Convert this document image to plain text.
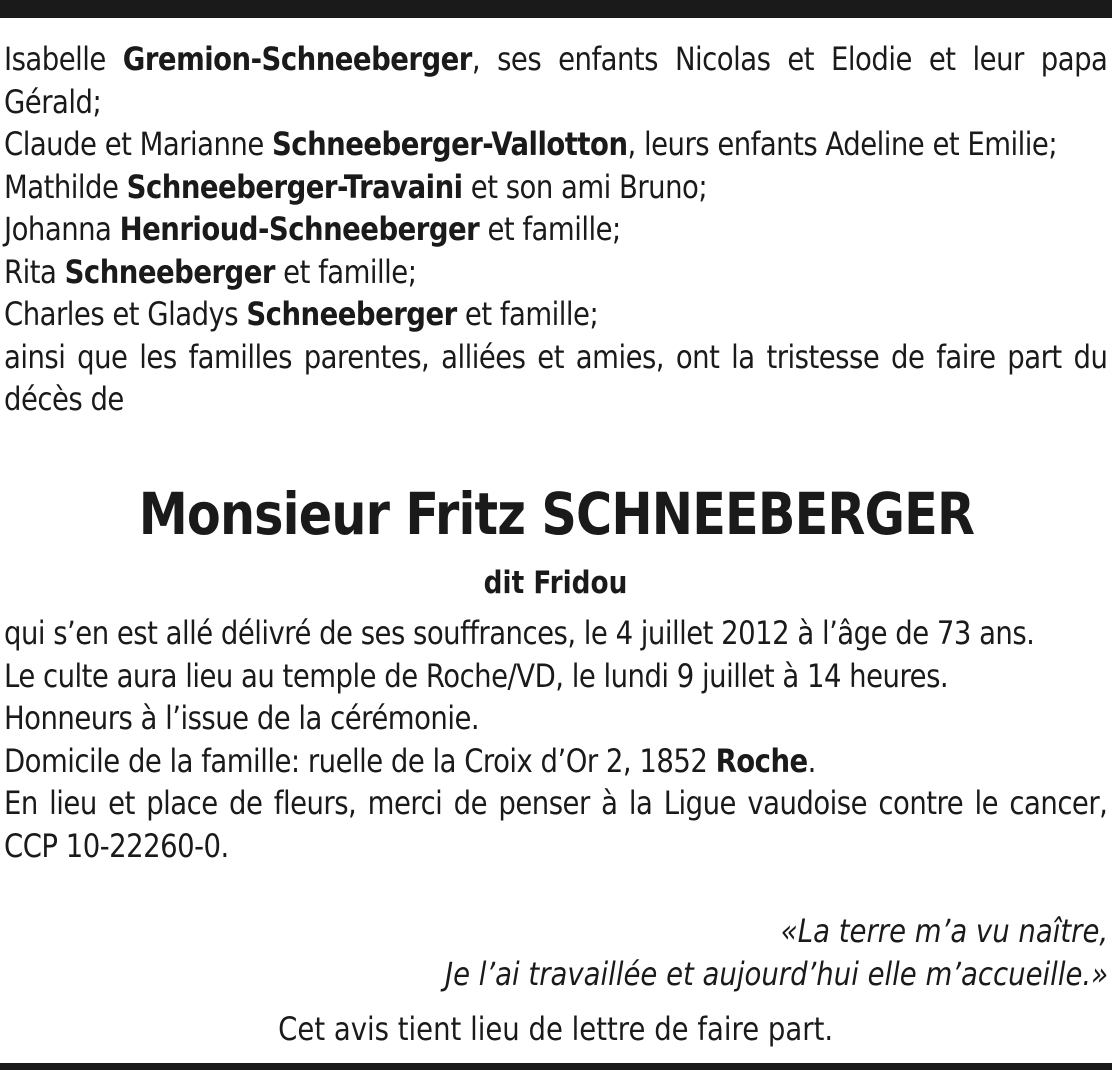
Isabelle Gremion-Schneeberger, ses enfants Nicolas et Elodie et leur papa Gérald;

Claude et Marianne Schneeberger-Vallotton, leurs enfants Adeline et Emilie;

Mathilde Schneeberger-Travaini et son ami Bruno;

Johanna Henrioud-Schneeberger et famille;

Rita Schneeberger et famille;

Charles et Gladys Schneeberger et famille;

ainsi que les familles parentes, alliées et amies, ont la tristesse de faire part du décès de

Monsieur Fritz SCHNEEBERGER
dit Fridou

qui s’en est allé délivré de ses souffrances, le 4 juillet 2012 à l’âge de 73 ans.

Le culte aura lieu au temple de Roche/VD, le lundi 9 juillet à 14 heures.

Honneurs à l’issue de la cérémonie.

Domicile de la famille: ruelle de la Croix d’Or 2, 1852 Roche.

En lieu et place de fleurs, merci de penser à la Ligue vaudoise contre le cancer, CCP 10-22260-0.

«La terre m’a vu naître,
Je l’ai travaillée et aujourd’hui elle m’accueille.»
Cet avis tient lieu de lettre de faire part.
